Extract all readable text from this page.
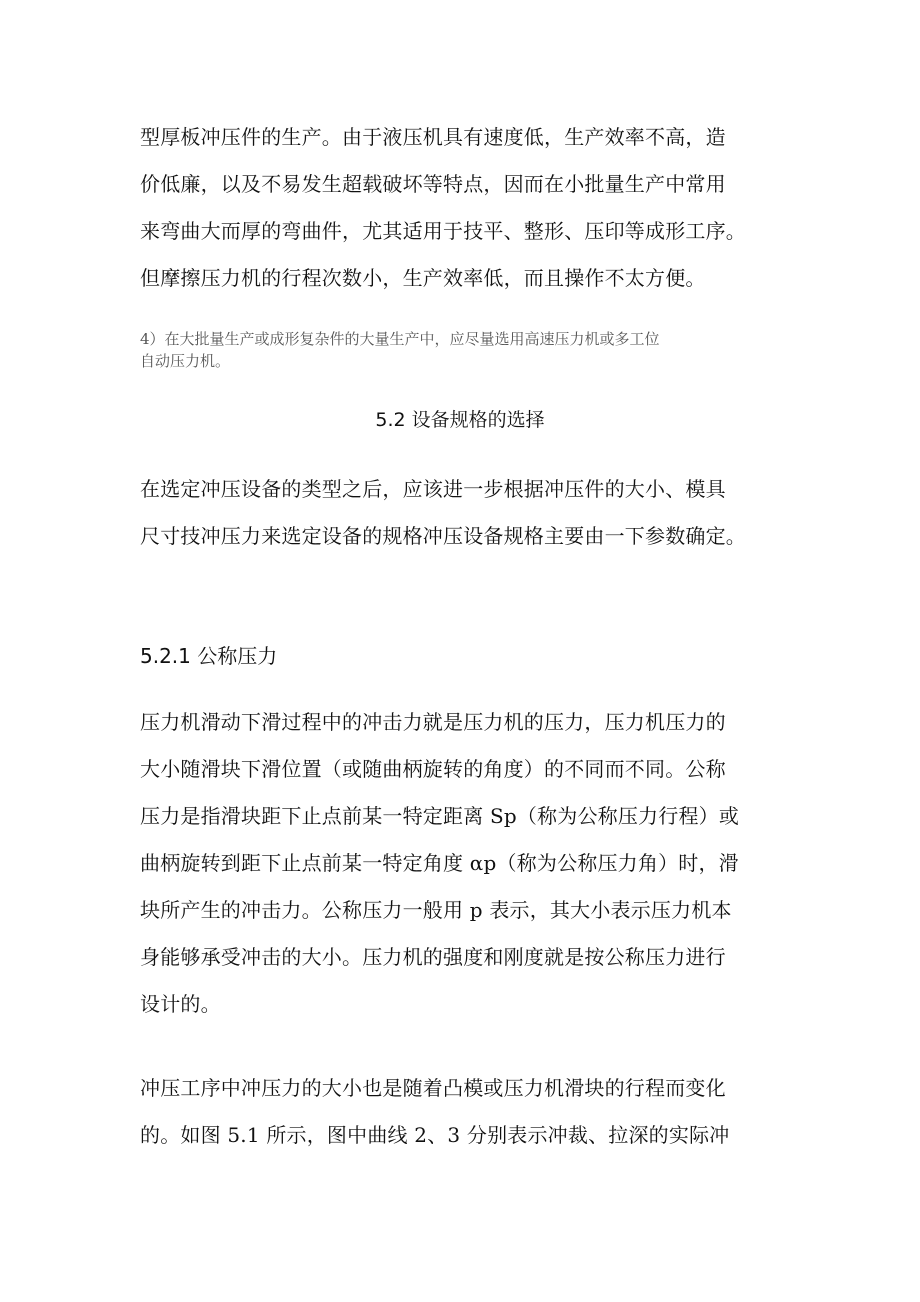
型厚板冲压件的生产。由于液压机具有速度低，生产效率不高，造
价低廉，以及不易发生超载破坏等特点，因而在小批量生产中常用
来弯曲大而厚的弯曲件，尤其适用于技平、整形、压印等成形工序。
但摩擦压力机的行程次数小，生产效率低，而且操作不太方便。
4）在大批量生产或成形复杂件的大量生产中，应尽量选用高速压力机或多工位
自动压力机。
5.2 设备规格的选择
在选定冲压设备的类型之后，应该进一步根据冲压件的大小、模具
尺寸技冲压力来选定设备的规格冲压设备规格主要由一下参数确定。
5.2.1 公称压力
压力机滑动下滑过程中的冲击力就是压力机的压力，压力机压力的
大小随滑块下滑位置（或随曲柄旋转的角度）的不同而不同。公称
压力是指滑块距下止点前某一特定距离 Sp（称为公称压力行程）或
曲柄旋转到距下止点前某一特定角度 αp（称为公称压力角）时，滑
块所产生的冲击力。公称压力一般用 p 表示，其大小表示压力机本
身能够承受冲击的大小。压力机的强度和刚度就是按公称压力进行
设计的。
冲压工序中冲压力的大小也是随着凸模或压力机滑块的行程而变化
的。如图 5.1 所示，图中曲线 2、3 分别表示冲裁、拉深的实际冲
